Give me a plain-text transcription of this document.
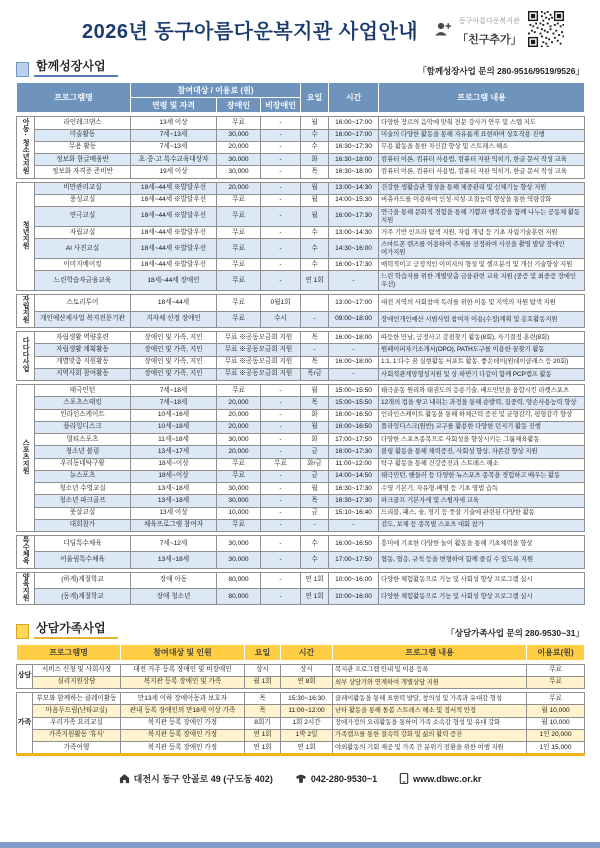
2026년 동구아름다운복지관 사업안내	동구아름다운복지관
「친구추가」
함께성장사업	「함께성장사업 문의 280-9516/9519/9526」
프로그램명	참여대상 / 이용료 (원)			요일	시간	프로그램 내용
	연령 및 자격	장애인	비장애인			
아동·청소년지원	라인레크댄스	13세 이상	무료	-	월	16:00~17:00	다양한 장르의 음악에 맞춰 전문 강사가 안무 및 스텝 지도
	미술활동	7세~13세	30,000	-	수	16:00~17:00	미술의 다양한 활동을 통해 자유롭게 표현하며 상호작용 진행
	무용 활동	7세~13세	20,000	-	수	16:30~17:30	무용 활동을 통한 자신감 향상 및 스트레스 해소
	정보화 한글배움반	초·중·고 특수교육대상자	30,000	-	화	16:30~18:00	컴퓨터 이론, 컴퓨터 사용법, 컴퓨터 자판 익히기, 한글 문서 작성 교육
	정보화 자격증 준비반	19세 이상	30,000	-	목	16:30~18:00	컴퓨터 이론, 컴퓨터 사용법, 컴퓨터 자판 익히기, 한글 문서 작성 교육
청년지원	비만관리교실	18세~44세 ※발달우선	20,000	-	월	13:00~14:30	건강한 생활습관 형성을 통해 체중관리 및 신체기능 향상 지원
	풍성교실	18세~44세 ※발달우선	무료	-	월	14:00~15:30	버츄카드를 이용하여 인성·지성·조절능력 향상을 통한 역량강화
	연극교실	18세~44세 ※발달우선	무료	-	월	16:00~17:30	연극을 통해 문화적 경험을 통해 기쁨과 행복감을 함께 나누는 공동체 활동 지원
	자립교실	18세~44세 ※발달우선	무료	-	수	13:00~14:30	거주 기반 인프라 탐색 지원, 자립 개념 등 기초 자립기술훈련 지원
	AI 사진교실	18세~44세 ※발달우선	무료	-	수	14:30~16:00	스마트폰 렌즈를 이용하여 주제를 선정하여 사진을 촬영 발달 장애인 여가지원
	이미지메이킹	18세~44세 ※발달우선	무료	-	수	16:00~17:30	매력적이고 긍정적인 이미지의 형성 및 셀프분석 및 개선 기술향상 지원
	느린학습자금융교육	18세~44세 장애인	무료	-	연 1회	-	느린 학습자를 위한 개별맞춤 금융관련 교육 지원 (중증 및 최중증 장애인 우선)
자립지원	스토리투어	18세~44세	무료	0월1회		13:00~17:00	대전 지역의 사회참여 독려를 위한 이동 및 지역의 자원 탐색 지원
	개인예산제사업 복지전문기관	지자체 선정 장애인	무료	수시	-	09:00~18:00	장애인개인예산 시범사업 참여자 이용(수정)계획 및 옹호활동지원
다다다사업	자립생활 역량훈련	장애인 및 가족, 지인	무료 ※공동모금회 지원	목	16:00~18:00	따듯한 만남, 긍정사고 강점찾기 활동(8회), 자기결정 훈련(8회)
	자립생활 계획활동	장애인 및 가족, 지인	무료 ※공동모금회 지원	-	-	원페이퍼자기소개서(OPO), PATH도구를 이용한 꿈찾기 활동
	개별맞춤 지원활동	장애인 및 가족, 지인	무료 ※공동모금회 지원	목	16:00~18:00	1:1, 1:다수 꿈 실현활동 서포트 활동, 좋은데이(원데이클래스 등 20회)
	지역사회 참여활동	장애인 및 가족, 지인	무료 ※공동모금회 지원	목/금	-	사회적관계망형성지원 및 상·하반기 다같이 함께 PCP캠프 활동
스포츠지원	태극민턴	7세~18세	무료	-	월	15:00~15:50	태극운동 원리와 태권도의 응용기술, 배드민턴을 융합시킨 라켓스포츠
	스포츠스태킹	7세~18세	20,000	-	목	15:00~15:50	12개의 컵을 쌓고 내리는 과정을 통해 순발력, 집중력, 양손사용능력 향상
	인라인스케이트	10세~16세	20,000	-	화	16:00~16:50	인라인스케이트 활동을 통해 하체근력 증진 및 균형감각, 평형감각 향상
	플라잉디스크	10세~18세	20,000	-	월	16:00~16:50	플라잉디스크(원반) 교구를 활용한 다양한 던지기 활동 진행
	멀티스포츠	11세~18세	30,000	-	화	17:00~17:50	다양한 스포츠종목으로 사회성을 향상시키는 그룹체육활동
	청소년 볼링	13세~17세	20,000	-	금	16:00~17:30	볼링 활동을 통해 체력증진, 사회성 향상, 자존감 향상 지원
	우리동네탁구왕	18세~이상	무료	무료	화/금	11:00~12:00	탁구 활동을 통해 건강증진과 스트레스 해소
	뉴스포츠	18세~이상	무료	-	금	14:00~14:50	태극민턴, 핸들러 등 다양한 뉴스포츠 종목을 경험하고 배우는 활동
	청소년 수영교실	13세~18세	30,000	-	월	16:30~17:30	수영 기본기, 자유형·배영 등 기초 영법 습득
	청소년 파크골프	13세~18세	30,000	-	목	16:30~17:30	파크골프 기본자세 및 스윙자세 교육
	풋살교실	13세 이상	10,000	-	금	15:10~16:40	드리블, 패스, 슛, 경기 등 풋살 기술에 관련된 다양한 활동
	대회참가	체육프로그램 참여자	무료	-	-	-	검도, 보체 등 종목별 스포츠 대회 참가
특수체육	디딤특수체육	7세~12세	30,000	-	수	16:00~16:50	흥미에 기초한 다양한 놀이 활동을 통해 기초체력을 향상
	어울림특수체육	13세~18세	30,000	-	수	17:00~17:50	협동, 협응, 규칙 등을 변형하여 함께 즐길 수 있도록 지원
양육지원	(하계)계절학교	장애 아동	80,000	-	연 1회	10:00~16:00	다양한 체험활동으로 기능 및 사회성 향상 프로그램 실시
	(동계)계절학교	장애 청소년	80,000	-	연 1회	10:00~16:00	다양한 체험활동으로 기능 및 사회성 향상 프로그램 실시
상담가족사업	「상담가족사업 문의 280-9530~31」
프로그램명	참여대상 및 인원	요일	시간	프로그램 내용	이용료(원)
상담	서비스 신청 및 사회사정	대전 거주 등록 장애인 및 비장애인	상시	상시	복지관 프로그램 안내 및 이용 등록	무료
	심리지원상담	복지관 등록 장애인 및 가족	월 1회	연 8회	외부 상담가와 연계하여 개별상담 지원	무료
가족	부모와 함께하는 클레이활동	만13세 이하 장애아동과 보호자	목	15:30~16:30	클레이활동을 통해 표현력 발달, 창의성 및 가족과 유대감 형성	무료
	마음두드림(난타교실)	관내 등록 장애인의 만18세 이상 가족	목	11:00~12:00	난타 활동을 통해 돌봄 스트레스 해소 및 정서적 안정	월 10,000
	우리가족 요리교실	복지관 등록 장애인 가정	8회기	1회 2시간	장애가정의 요리활동을 통하여 가족 소속감 형성 및 유대 강화	월 10,000
	가족지원활동 '휴식'	복지관 등록 장애인 가정	연 1회	1박 2일	가족캠프를 통한 결속력 강화 및 삶의 활력 증진	1인 20,000
	가족여행	복지관 등록 장애인 가정	연 1회	연 1회	야외활동의 기회 제공 및 가족 간 분위기 전환을 위한 여행 지원	1인 15,000
대전시 동구 안골로 49 (구도동 402)	042-280-9530~1	www.dbwc.or.kr
